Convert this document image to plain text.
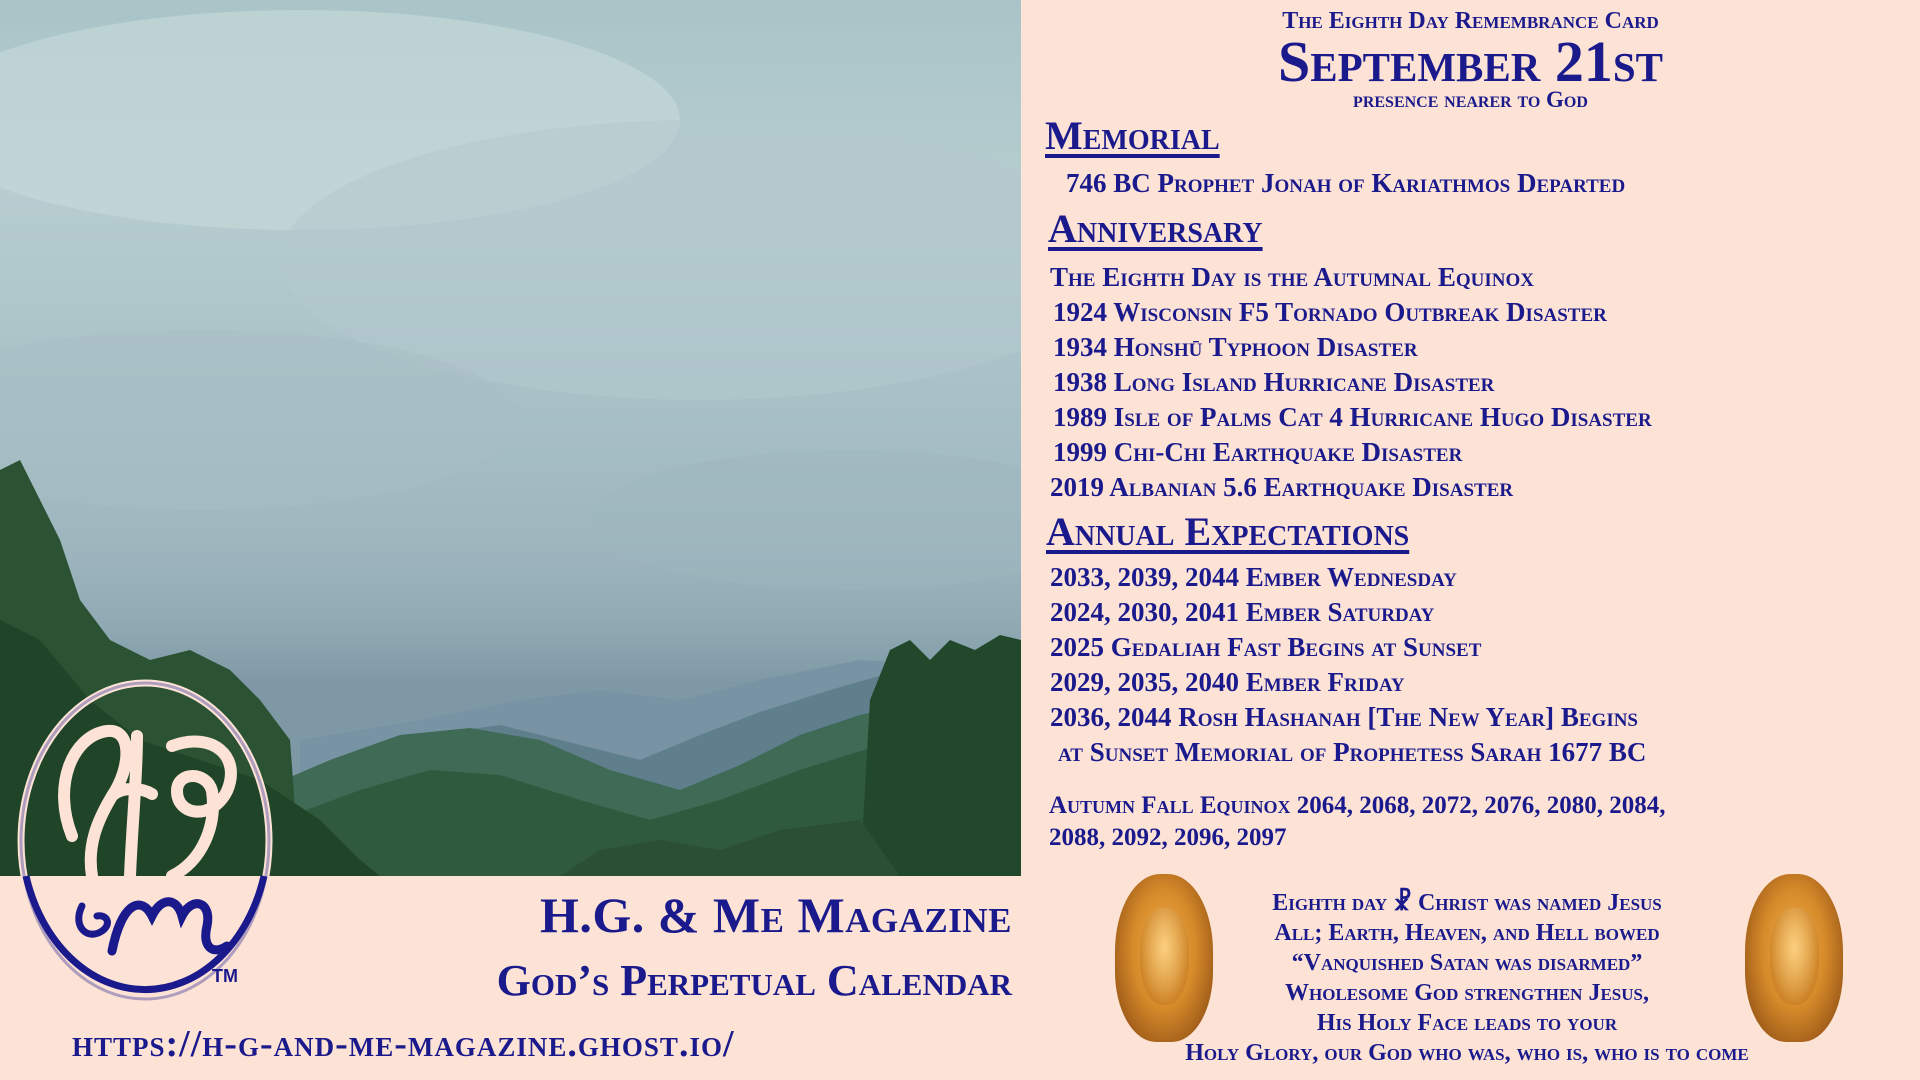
TM
H.G. & Me Magazine
God’s Perpetual Calendar
https://h-g-and-me-magazine.ghost.io/
The Eighth Day Remembrance Card
September 21st
presence nearer to God
Memorial
746 BC Prophet Jonah of Kariathmos Departed
Anniversary
The Eighth Day is the Autumnal Equinox
1924 Wisconsin F5 Tornado Outbreak Disaster
1934 Honshū Typhoon Disaster
1938 Long Island Hurricane Disaster
1989 Isle of Palms Cat 4 Hurricane Hugo Disaster
1999 Chi-Chi Earthquake Disaster
2019 Albanian 5.6 Earthquake Disaster
Annual Expectations
2033, 2039, 2044 Ember Wednesday
2024, 2030, 2041 Ember Saturday
2025 Gedaliah Fast Begins at Sunset
2029, 2035, 2040 Ember Friday
2036, 2044 Rosh Hashanah [The New Year] Begins
at Sunset Memorial of Prophetess Sarah 1677 BC
Autumn Fall Equinox 2064, 2068, 2072, 2076, 2080, 2084,
2088, 2092, 2096, 2097
Eighth day ☧ Christ was named Jesus
All; Earth, Heaven, and Hell bowed
“Vanquished Satan was disarmed”
Wholesome God strengthen Jesus,
His Holy Face leads to your
Holy Glory, our God who was, who is, who is to come
